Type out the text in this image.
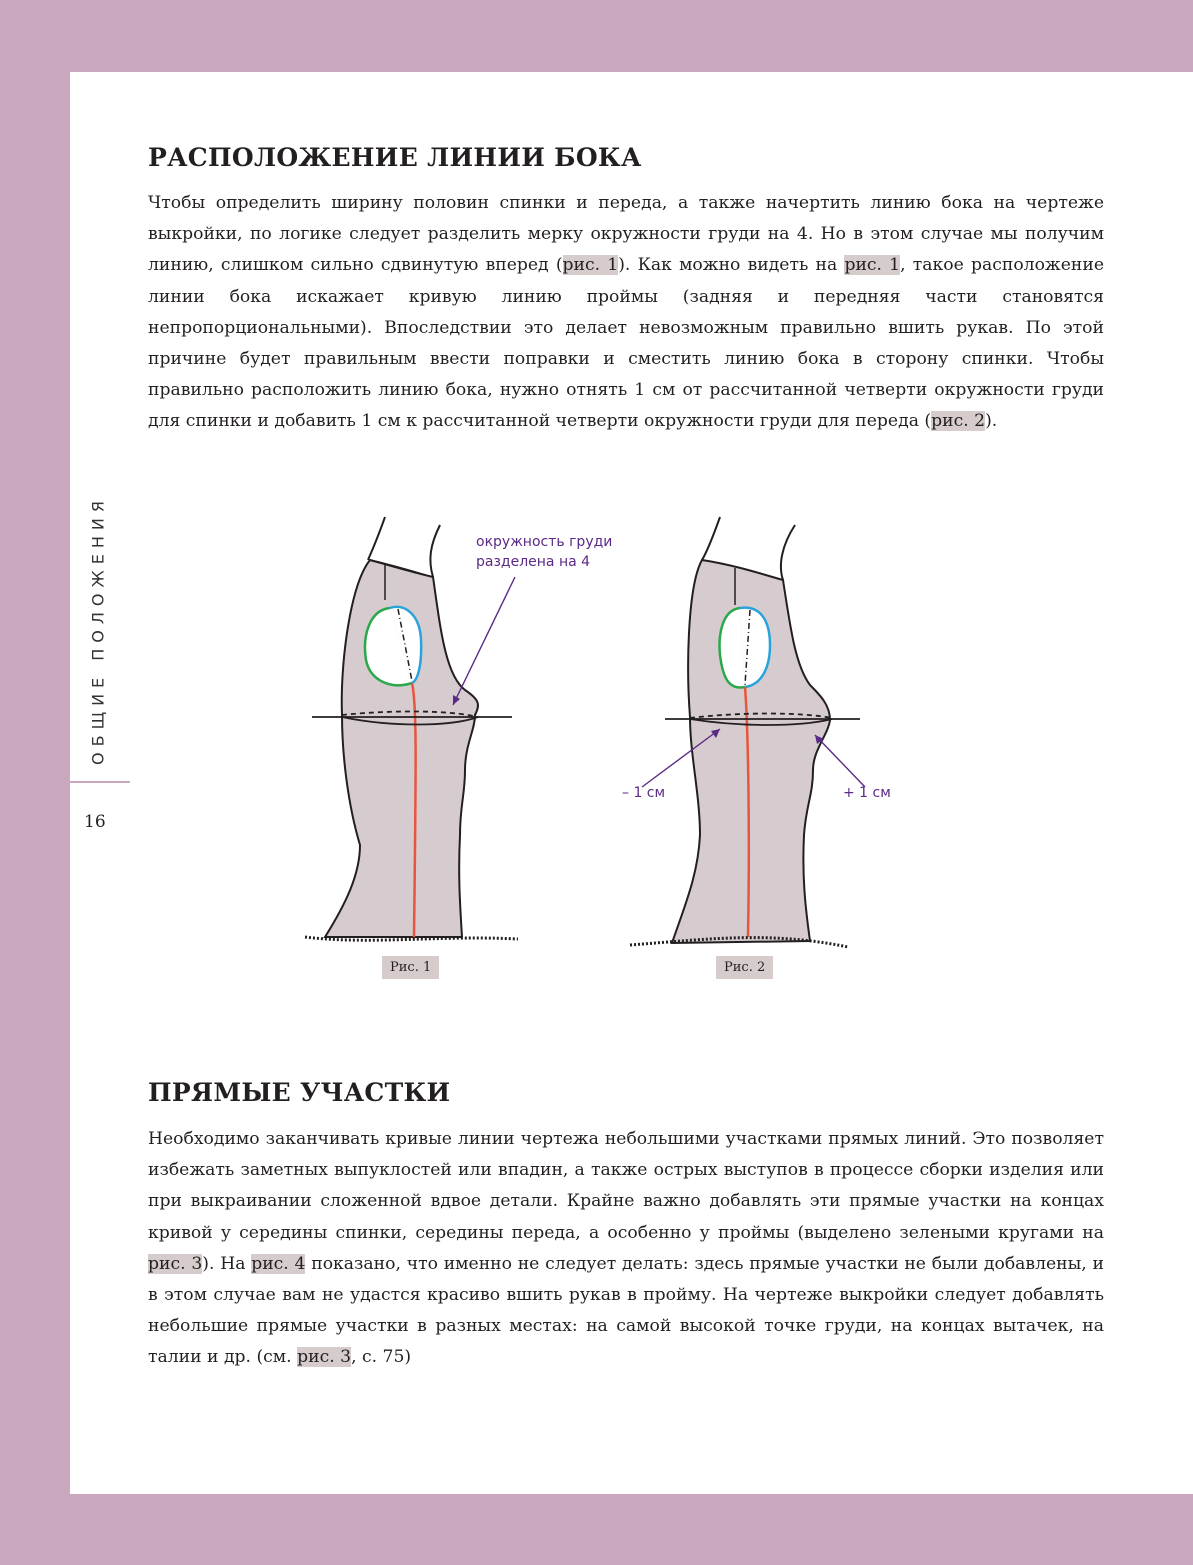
ОБЩИЕ ПОЛОЖЕНИЯ
16
РАСПОЛОЖЕНИЕ ЛИНИИ БОКА

Чтобы определить ширину половин спинки и переда, а также начертить линию бока на чертеже выкройки, по логике следует разделить мерку окружности груди на 4. Но в этом случае мы получим линию, слишком сильно сдвинутую вперед (рис. 1). Как можно видеть на рис. 1, такое расположение линии бока искажает кривую линию проймы (задняя и передняя части становятся непропорциональными). Впоследствии это делает невозможным правильно вшить рукав. По этой причине будет правильным ввести поправки и сместить линию бока в сторону спинки. Чтобы правильно расположить линию бока, нужно отнять 1 см от рассчитанной четверти окружности груди для спинки и добавить 1 см к рассчитанной четверти окружности груди для переда (рис. 2).

окружность груди
разделена на 4
– 1 см	+ 1 см
Рис. 1	Рис. 2
ПРЯМЫЕ УЧАСТКИ

Необходимо заканчивать кривые линии чертежа небольшими участками прямых линий. Это позволяет избежать заметных выпуклостей или впадин, а также острых выступов в процессе сборки изделия или при выкраивании сложенной вдвое детали. Крайне важно добавлять эти прямые участки на концах кривой у середины спинки, середины переда, а особенно у проймы (выделено зелеными кругами на рис. 3). На рис. 4 показано, что именно не следует делать: здесь прямые участки не были добавлены, и в этом случае вам не удастся красиво вшить рукав в пройму. На чертеже выкройки следует добавлять небольшие прямые участки в разных местах: на самой высокой точке груди, на концах вытачек, на талии и др. (см. рис. 3, с. 75)
